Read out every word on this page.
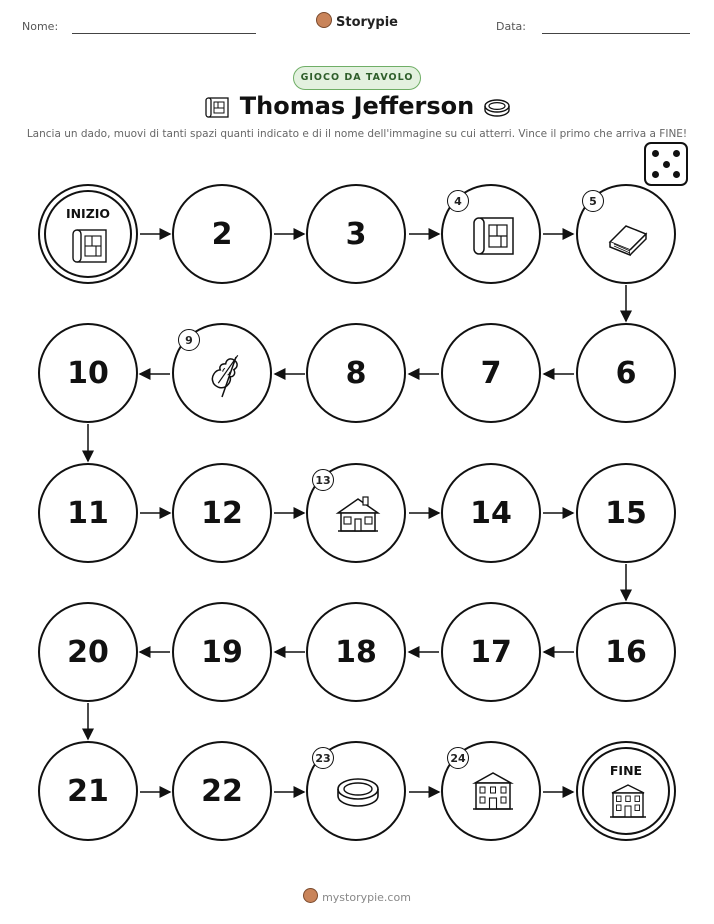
Nome:	Storypie	Data:
GIOCO DA TAVOLO
Thomas Jefferson
Lancia un dado, muovi di tanti spazi quanti indicato e di il nome dell'immagine su cui atterri. Vince il primo che arriva a FINE!
INIZIO
2	3
4	5
6
7
8
9
10
11	12
13
14	15
16
17
18
19
20
21	22
23	24
FINE
mystorypie.com
